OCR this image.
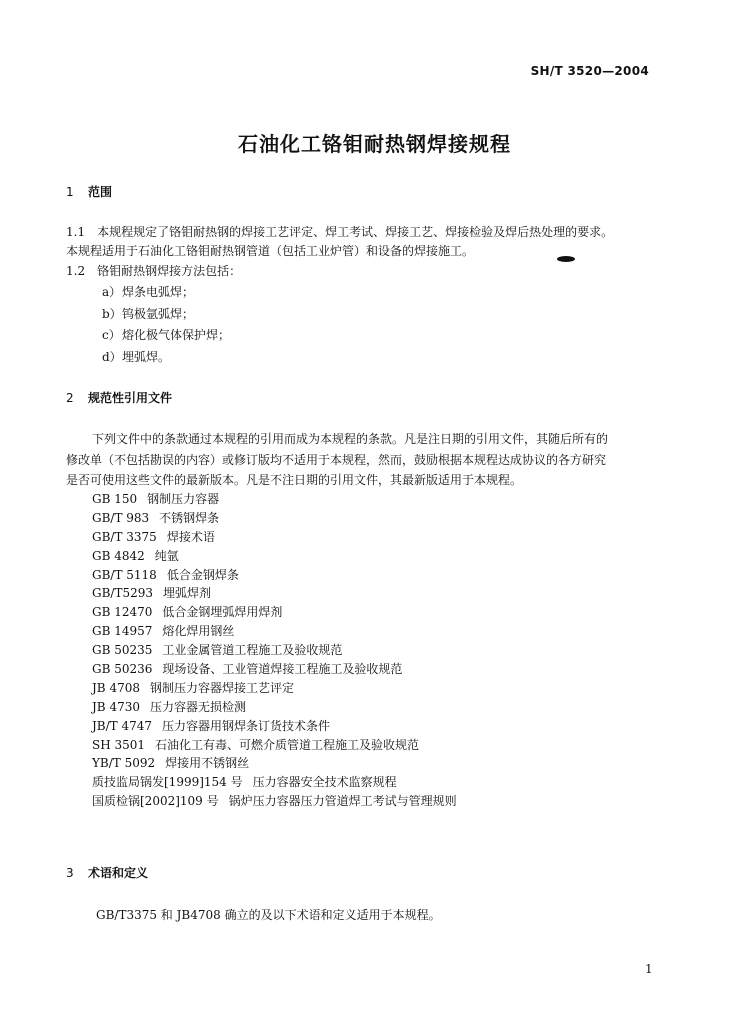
SH/T 3520—2004
石油化工铬钼耐热钢焊接规程
1 范围
1.1　本规程规定了铬钼耐热钢的焊接工艺评定、焊工考试、焊接工艺、焊接检验及焊后热处理的要求。
本规程适用于石油化工铬钼耐热钢管道（包括工业炉管）和设备的焊接施工。
1.2　铬钼耐热钢焊接方法包括：
a）焊条电弧焊；
b）钨极氩弧焊；
c）熔化极气体保护焊；
d）埋弧焊。
2 规范性引用文件
下列文件中的条款通过本规程的引用而成为本规程的条款。凡是注日期的引用文件，其随后所有的
修改单（不包括勘误的内容）或修订版均不适用于本规程，然而，鼓励根据本规程达成协议的各方研究
是否可使用这些文件的最新版本。凡是不注日期的引用文件，其最新版适用于本规程。
GB 150 钢制压力容器
GB/T 983 不锈钢焊条
GB/T 3375 焊接术语
GB 4842 纯氩
GB/T 5118 低合金钢焊条
GB/T5293 埋弧焊剂
GB 12470 低合金钢埋弧焊用焊剂
GB 14957 熔化焊用钢丝
GB 50235 工业金属管道工程施工及验收规范
GB 50236 现场设备、工业管道焊接工程施工及验收规范
JB 4708 钢制压力容器焊接工艺评定
JB 4730 压力容器无损检测
JB/T 4747 压力容器用钢焊条订货技术条件
SH 3501 石油化工有毒、可燃介质管道工程施工及验收规范
YB/T 5092 焊接用不锈钢丝
质技监局锅发[1999]154 号 压力容器安全技术监察规程
国质检锅[2002]109 号 锅炉压力容器压力管道焊工考试与管理规则
3 术语和定义
GB/T3375 和 JB4708 确立的及以下术语和定义适用于本规程。
1
